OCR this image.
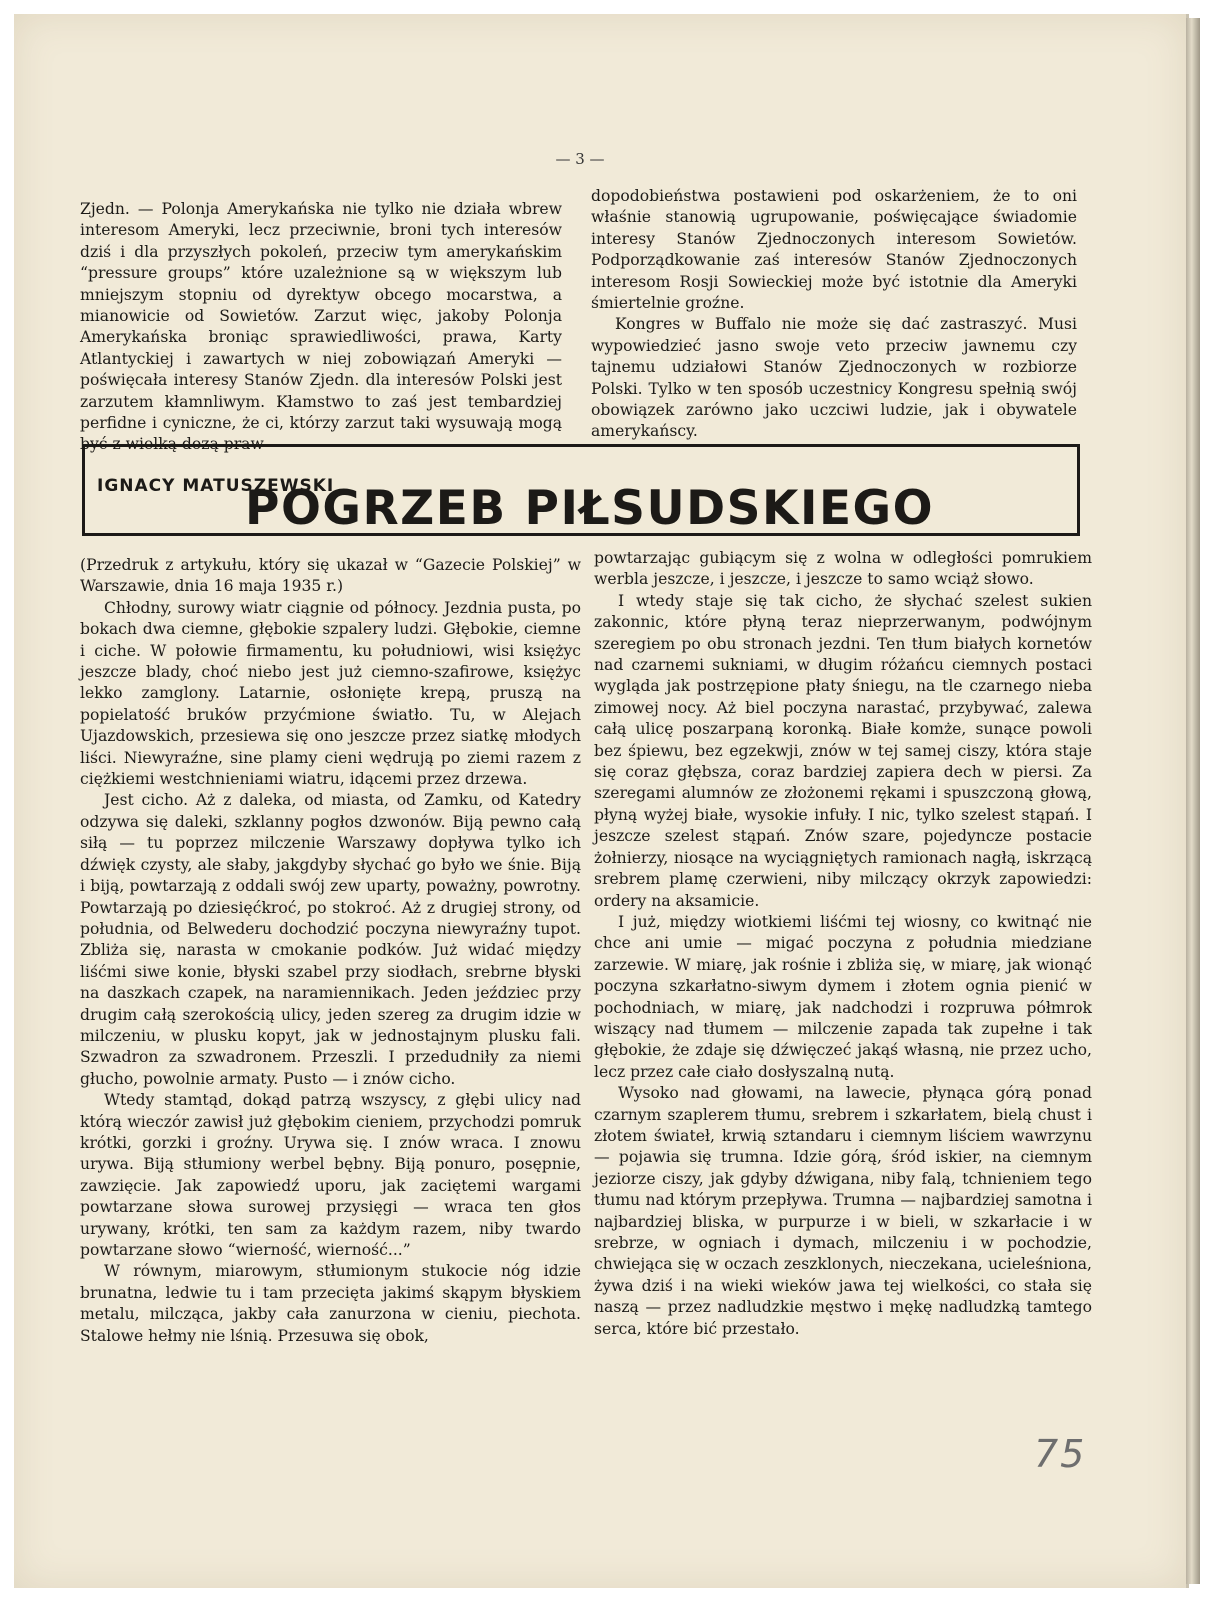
— 3 —

Zjedn. — Polonja Amerykańska nie tylko nie działa wbrew interesom Ameryki, lecz przeciwnie, broni tych interesów dziś i dla przyszłych pokoleń, przeciw tym amerykańskim “pressure groups” które uzależnione są w większym lub mniejszym stopniu od dyrektyw obcego mocarstwa, a mianowicie od Sowietów. Zarzut więc, jakoby Polonja Amerykańska broniąc sprawiedliwości, prawa, Karty Atlantyckiej i zawartych w niej zobowiązań Ameryki — poświęcała interesy Stanów Zjedn. dla interesów Polski jest zarzutem kłamnliwym. Kłamstwo to zaś jest tembardziej perfidne i cyniczne, że ci, którzy zarzut taki wysuwają mogą być z wielką dozą praw-

dopodobieństwa postawieni pod oskarżeniem, że to oni właśnie stanowią ugrupowanie, poświęcające świadomie interesy Stanów Zjednoczonych interesom Sowietów. Podporządkowanie zaś interesów Stanów Zjednoczonych interesom Rosji Sowieckiej może być istotnie dla Ameryki śmiertelnie groźne.

Kongres w Buffalo nie może się dać zastraszyć. Musi wypowiedzieć jasno swoje veto przeciw jawnemu czy tajnemu udziałowi Stanów Zjednoczonych w rozbiorze Polski. Tylko w ten sposób uczestnicy Kongresu spełnią swój obowiązek zarówno jako uczciwi ludzie, jak i obywatele amerykańscy.

IGNACY MATUSZEWSKI
POGRZEB PIŁSUDSKIEGO

(Przedruk z artykułu, który się ukazał w “Gazecie Polskiej” w Warszawie, dnia 16 maja 1935 r.)

Chłodny, surowy wiatr ciągnie od północy. Jezdnia pusta, po bokach dwa ciemne, głębokie szpalery ludzi. Głębokie, ciemne i ciche. W połowie firmamentu, ku południowi, wisi księżyc jeszcze blady, choć niebo jest już ciemno-szafirowe, księżyc lekko zamglony. Latarnie, osłonięte krepą, pruszą na popielatość bruków przyćmione światło. Tu, w Alejach Ujazdowskich, przesiewa się ono jeszcze przez siatkę młodych liści. Niewyraźne, sine plamy cieni wędrują po ziemi razem z ciężkiemi westchnieniami wiatru, idącemi przez drzewa.

Jest cicho. Aż z daleka, od miasta, od Zamku, od Katedry odzywa się daleki, szklanny pogłos dzwonów. Biją pewno całą siłą — tu poprzez milczenie Warszawy dopływa tylko ich dźwięk czysty, ale słaby, jakgdyby słychać go było we śnie. Biją i biją, powtarzają z oddali swój zew uparty, poważny, powrotny. Powtarzają po dziesięćkroć, po stokroć. Aż z drugiej strony, od południa, od Belwederu dochodzić poczyna niewyraźny tupot. Zbliża się, narasta w cmokanie podków. Już widać między liśćmi siwe konie, błyski szabel przy siodłach, srebrne błyski na daszkach czapek, na naramiennikach. Jeden jeździec przy drugim całą szerokością ulicy, jeden szereg za drugim idzie w milczeniu, w plusku kopyt, jak w jednostajnym plusku fali. Szwadron za szwadronem. Przeszli. I przedudniły za niemi głucho, powolnie armaty. Pusto — i znów cicho.

Wtedy stamtąd, dokąd patrzą wszyscy, z głębi ulicy nad którą wieczór zawisł już głębokim cieniem, przychodzi pomruk krótki, gorzki i groźny. Urywa się. I znów wraca. I znowu urywa. Biją stłumiony werbel bębny. Biją ponuro, posępnie, zawzięcie. Jak zapowiedź uporu, jak zaciętemi wargami powtarzane słowa surowej przysięgi — wraca ten głos urywany, krótki, ten sam za każdym razem, niby twardo powtarzane słowo “wierność, wierność...”

W równym, miarowym, stłumionym stukocie nóg idzie brunatna, ledwie tu i tam przecięta jakimś skąpym błyskiem metalu, milcząca, jakby cała zanurzona w cieniu, piechota. Stalowe hełmy nie lśnią. Przesuwa się obok,

powtarzając gubiącym się z wolna w odległości pomrukiem werbla jeszcze, i jeszcze, i jeszcze to samo wciąż słowo.

I wtedy staje się tak cicho, że słychać szelest sukien zakonnic, które płyną teraz nieprzerwanym, podwójnym szeregiem po obu stronach jezdni. Ten tłum białych kornetów nad czarnemi sukniami, w długim różańcu ciemnych postaci wygląda jak postrzępione płaty śniegu, na tle czarnego nieba zimowej nocy. Aż biel poczyna narastać, przybywać, zalewa całą ulicę poszarpaną koronką. Białe komże, sunące powoli bez śpiewu, bez egzekwji, znów w tej samej ciszy, która staje się coraz głębsza, coraz bardziej zapiera dech w piersi. Za szeregami alumnów ze złożonemi rękami i spuszczoną głową, płyną wyżej białe, wysokie infuły. I nic, tylko szelest stąpań. I jeszcze szelest stąpań. Znów szare, pojedyncze postacie żołnierzy, niosące na wyciągniętych ramionach nagłą, iskrzącą srebrem plamę czerwieni, niby milczący okrzyk zapowiedzi: ordery na aksamicie.

I już, między wiotkiemi liśćmi tej wiosny, co kwitnąć nie chce ani umie — migać poczyna z południa miedziane zarzewie. W miarę, jak rośnie i zbliża się, w miarę, jak wionąć poczyna szkarłatno-siwym dymem i złotem ognia pienić w pochodniach, w miarę, jak nadchodzi i rozpruwa półmrok wiszący nad tłumem — milczenie zapada tak zupełne i tak głębokie, że zdaje się dźwięczeć jakąś własną, nie przez ucho, lecz przez całe ciało dosłyszalną nutą.

Wysoko nad głowami, na lawecie, płynąca górą ponad czarnym szaplerem tłumu, srebrem i szkarłatem, bielą chust i złotem świateł, krwią sztandaru i ciemnym liściem wawrzynu — pojawia się trumna. Idzie górą, śród iskier, na ciemnym jeziorze ciszy, jak gdyby dźwigana, niby falą, tchnieniem tego tłumu nad którym przepływa. Trumna — najbardziej samotna i najbardziej bliska, w purpurze i w bieli, w szkarłacie i w srebrze, w ogniach i dymach, milczeniu i w pochodzie, chwiejąca się w oczach zeszklonych, nieczekana, ucieleśniona, żywa dziś i na wieki wieków jawa tej wielkości, co stała się naszą — przez nadludzkie męstwo i mękę nadludzką tamtego serca, które bić przestało.

75
